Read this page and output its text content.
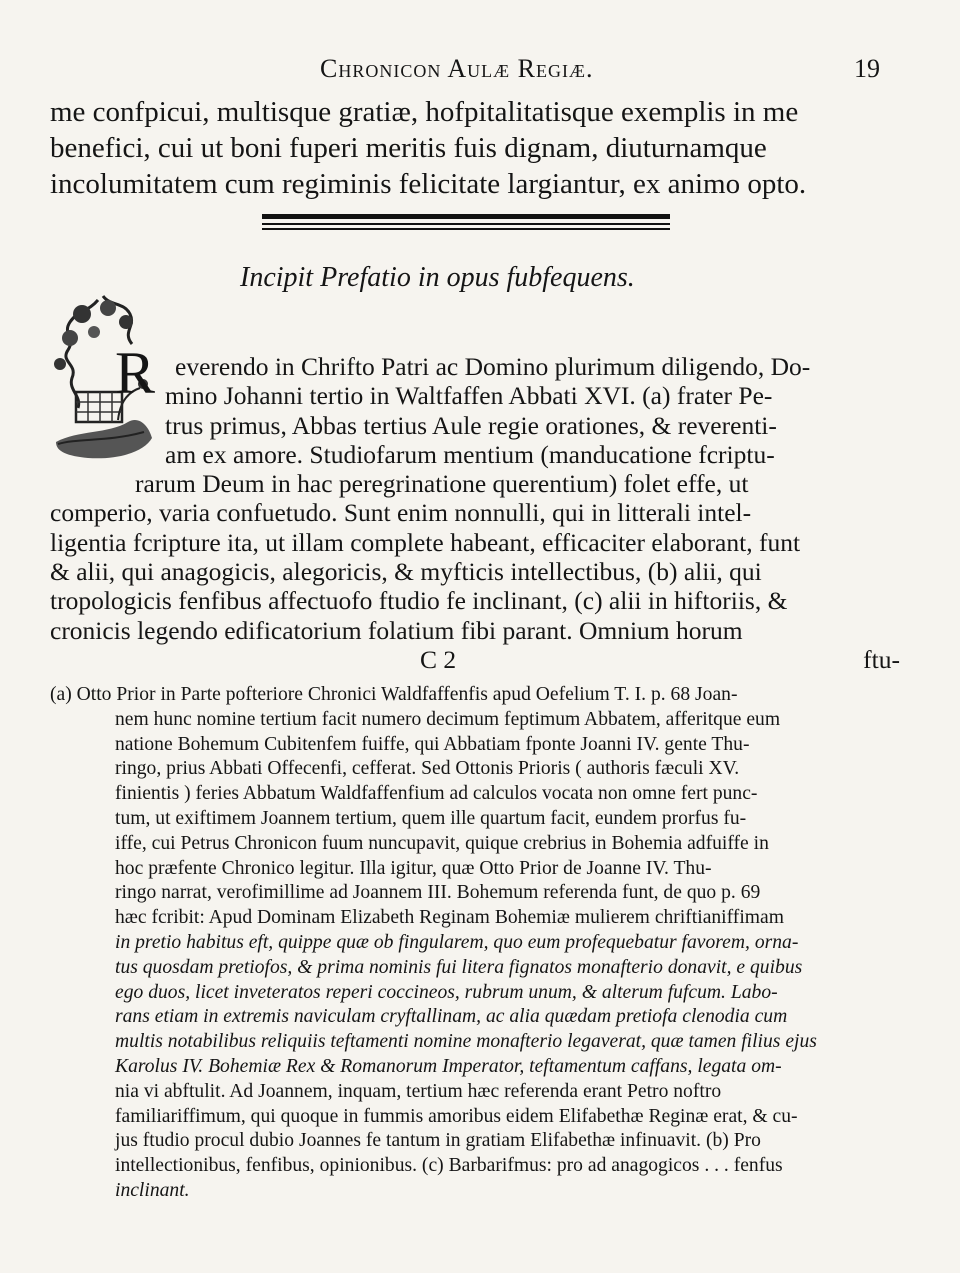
Chronicon Aulæ Regiæ.	19
me confpicui, multisque gratiæ, hofpitalitatisque exemplis in me
benefici, cui ut boni fuperi meritis fuis dignam, diuturnamque
incolumitatem cum regiminis felicitate largiantur, ex animo opto.
Incipit Prefatio in opus fubfequens.
R everendo in Chrifto Patri ac Domino plurimum diligendo, Do-
mino Johanni tertio in Waltfaffen Abbati XVI. (a) frater Pe-
trus primus, Abbas tertius Aule regie orationes, & reverenti-
am ex amore. Studiofarum mentium (manducatione fcriptu-
rarum Deum in hac peregrinatione querentium) folet effe, ut
comperio, varia confuetudo. Sunt enim nonnulli, qui in litterali intel-
ligentia fcripture ita, ut illam complete habeant, efficaciter elaborant, funt
& alii, qui anagogicis, alegoricis, & myfticis intellectibus, (b) alii, qui
tropologicis fenfibus affectuofo ftudio fe inclinant, (c) alii in hiftoriis, &
cronicis legendo edificatorium folatium fibi parant. Omnium horum
C 2	ftu-
(a) Otto Prior in Parte pofteriore Chronici Waldfaffenfis apud Oefelium T. I. p. 68 Joan-
nem hunc nomine tertium facit numero decimum feptimum Abbatem, afferitque eum
natione Bohemum Cubitenfem fuiffe, qui Abbatiam fponte Joanni IV. gente Thu-
ringo, prius Abbati Offecenfi, cefferat. Sed Ottonis Prioris ( authoris fæculi XV.
finientis ) feries Abbatum Waldfaffenfium ad calculos vocata non omne fert punc-
tum, ut exiftimem Joannem tertium, quem ille quartum facit, eundem prorfus fu-
iffe, cui Petrus Chronicon fuum nuncupavit, quique crebrius in Bohemia adfuiffe in
hoc præfente Chronico legitur. Illa igitur, quæ Otto Prior de Joanne IV. Thu-
ringo narrat, verofimillime ad Joannem III. Bohemum referenda funt, de quo p. 69
hæc fcribit: Apud Dominam Elizabeth Reginam Bohemiæ mulierem chriftianiffimam
in pretio habitus eft, quippe quæ ob fingularem, quo eum profequebatur favorem, orna-
tus quosdam pretiofos, & prima nominis fui litera fignatos monafterio donavit, e quibus
ego duos, licet inveteratos reperi coccineos, rubrum unum, & alterum fufcum. Labo-
rans etiam in extremis naviculam cryftallinam, ac alia quædam pretiofa clenodia cum
multis notabilibus reliquiis teftamenti nomine monafterio legaverat, quæ tamen filius ejus
Karolus IV. Bohemiæ Rex & Romanorum Imperator, teftamentum caffans, legata om-
nia vi abftulit. Ad Joannem, inquam, tertium hæc referenda erant Petro noftro
familiariffimum, qui quoque in fummis amoribus eidem Elifabethæ Reginæ erat, & cu-
jus ftudio procul dubio Joannes fe tantum in gratiam Elifabethæ infinuavit. (b) Pro
intellectionibus, fenfibus, opinionibus. (c) Barbarifmus: pro ad anagogicos . . . fenfus
inclinant.
